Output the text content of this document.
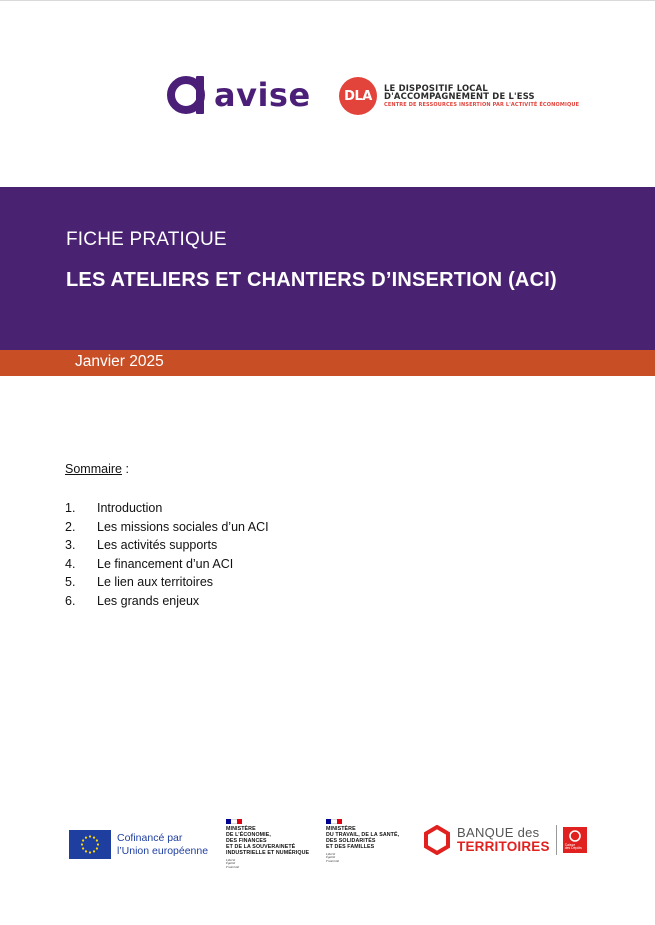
avise	DLA
LE DISPOSITIF LOCAL
D'ACCOMPAGNEMENT DE L'ESS
CENTRE DE RESSOURCES INSERTION PAR L'ACTIVITÉ ÉCONOMIQUE
FICHE PRATIQUE
LES ATELIERS ET CHANTIERS D’INSERTION (ACI)
Janvier 2025
Sommaire :
1.	Introduction
2.	Les missions sociales d’un ACI
3.	Les activités supports
4.	Le financement d’un ACI
5.	Le lien aux territoires
6.	Les grands enjeux
Cofinancé par
l’Union européenne
MINISTÈRE
DE L’ÉCONOMIE,
DES FINANCES
ET DE LA SOUVERAINETÉ
INDUSTRIELLE ET NUMÉRIQUE
Liberté
Égalité
Fraternité
MINISTÈRE
DU TRAVAIL, DE LA SANTÉ,
DES SOLIDARITÉS
ET DES FAMILLES
Liberté
Égalité
Fraternité
BANQUE des
TERRITOIRES	Caisse
des Dépôts
